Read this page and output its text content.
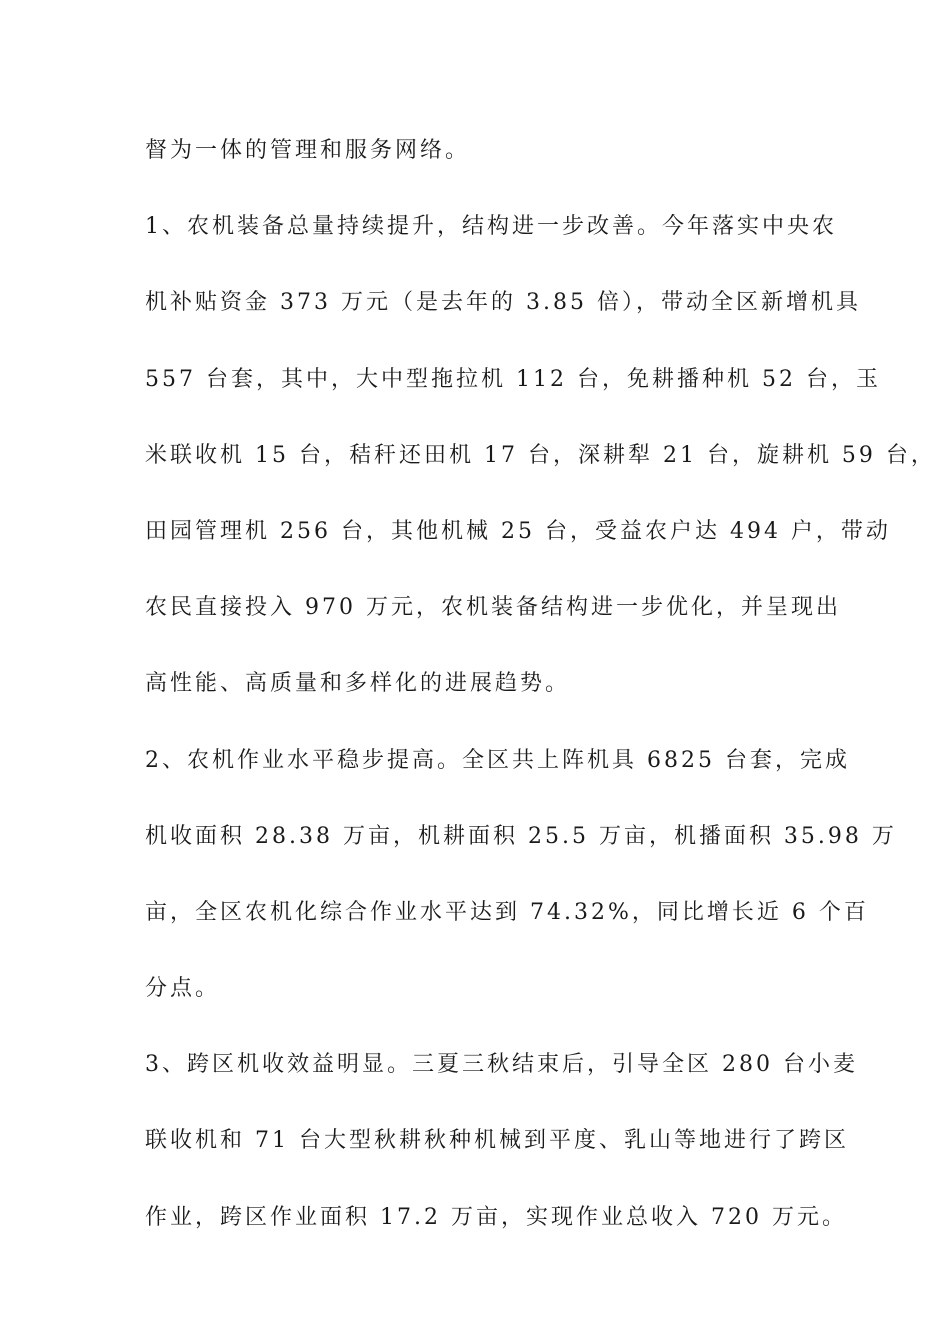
督为一体的管理和服务网络。
1、农机装备总量持续提升，结构进一步改善。今年落实中央农
机补贴资金 373 万元（是去年的 3.85 倍），带动全区新增机具
557 台套，其中，大中型拖拉机 112 台，免耕播种机 52 台，玉
米联收机 15 台，秸秆还田机 17 台，深耕犁 21 台，旋耕机 59 台，
田园管理机 256 台，其他机械 25 台，受益农户达 494 户，带动
农民直接投入 970 万元，农机装备结构进一步优化，并呈现出
高性能、高质量和多样化的进展趋势。
2、农机作业水平稳步提高。全区共上阵机具 6825 台套，完成
机收面积 28.38 万亩，机耕面积 25.5 万亩，机播面积 35.98 万
亩，全区农机化综合作业水平达到 74.32%，同比增长近 6 个百
分点。
3、跨区机收效益明显。三夏三秋结束后，引导全区 280 台小麦
联收机和 71 台大型秋耕秋种机械到平度、乳山等地进行了跨区
作业，跨区作业面积 17.2 万亩，实现作业总收入 720 万元。
